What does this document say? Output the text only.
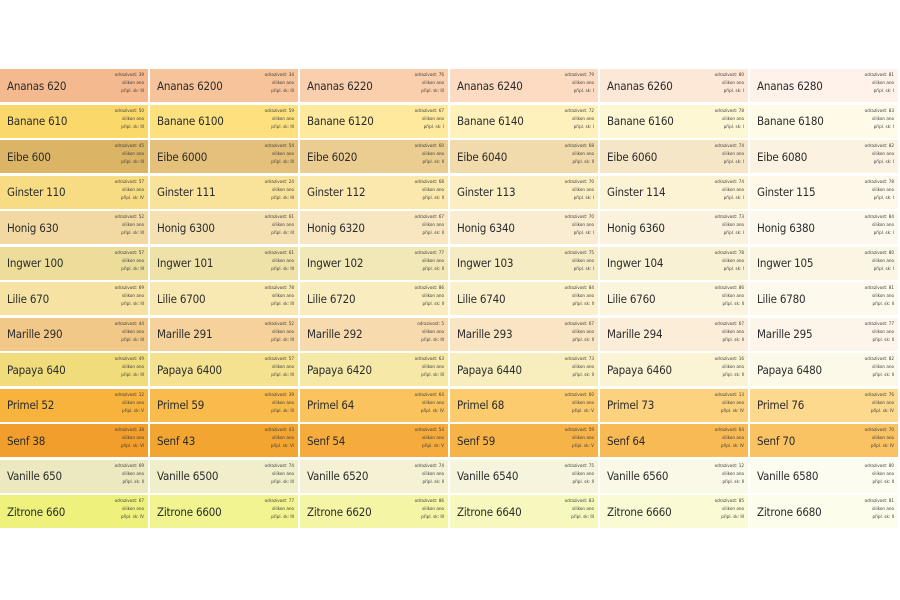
Ananas 620
odrazivost: 39
silikon ano
připl. sk: III Ananas 6200
odrazivost: 34
silikon ano
připl. sk: III Ananas 6220
odrazivost: 76
silikon ano
připl. sk: III Ananas 6240
odrazivost: 79
silikon ano
připl. sk: I Ananas 6260
odrazivost: 80
silikon ano
připl. sk: I Ananas 6280
odrazivost: 81
silikon ano
připl. sk: I
Banane 610
odrazivost: 50
silikon ano
připl. sk: III Banane 6100
odrazivost: 59
silikon ano
připl. sk: III Banane 6120
odrazivost: 67
silikon ano
připl. sk: I Banane 6140
odrazivost: 72
silikon ano
připl. sk: I Banane 6160
odrazivost: 78
silikon ano
připl. sk: I Banane 6180
odrazivost: 83
silikon ano
připl. sk: I
Eibe 600
odrazivost: 45
silikon ano
připl. sk: III Eibe 6000
odrazivost: 54
silikon ano
připl. sk: III Eibe 6020
odrazivost: 60
silikon ano
připl. sk: II Eibe 6040
odrazivost: 68
silikon ano
připl. sk: II Eibe 6060
odrazivost: 74
silikon ano
připl. sk: I Eibe 6080
odrazivost: 82
silikon ano
připl. sk: I
Ginster 110
odrazivost: 57
silikon ano
připl. sk: IV Ginster 111
odrazivost: 24
silikon ano
připl. sk: III Ginster 112
odrazivost: 68
silikon ano
připl. sk: II Ginster 113
odrazivost: 70
silikon ano
připl. sk: I Ginster 114
odrazivost: 74
silikon ano
připl. sk: I Ginster 115
odrazivost: 78
silikon ano
připl. sk: I
Honig 630
odrazivost: 52
silikon ano
připl. sk: III Honig 6300
odrazivost: 61
silikon ano
připl. sk: III Honig 6320
odrazivost: 67
silikon ano
připl. sk: II Honig 6340
odrazivost: 70
silikon ano
připl. sk: I Honig 6360
odrazivost: 73
silikon ano
připl. sk: I Honig 6380
odrazivost: 84
silikon ano
připl. sk: I
Ingwer 100
odrazivost: 57
silikon ano
připl. sk: III Ingwer 101
odrazivost: 61
silikon ano
připl. sk: III Ingwer 102
odrazivost: 77
silikon ano
připl. sk: II Ingwer 103
odrazivost: 75
silikon ano
připl. sk: I Ingwer 104
odrazivost: 78
silikon ano
připl. sk: I Ingwer 105
odrazivost: 80
silikon ano
připl. sk: I
Lilie 670
odrazivost: 69
silikon ano
připl. sk: III Lilie 6700
odrazivost: 78
silikon ano
připl. sk: III Lilie 6720
odrazivost: 86
silikon ano
připl. sk: II Lilie 6740
odrazivost: 84
silikon ano
připl. sk: II Lilie 6760
odrazivost: 86
silikon ano
připl. sk: II Lilie 6780
odrazivost: 81
silikon ano
připl. sk: II
Marille 290
odrazivost: 44
silikon ano
připl. sk: III Marille 291
odrazivost: 52
silikon ano
připl. sk: III Marille 292
odrazivost: 5
silikon ano
připl. sk: III Marille 293
odrazivost: 67
silikon ano
připl. sk: II Marille 294
odrazivost: 67
silikon ano
připl. sk: II Marille 295
odrazivost: 77
silikon ano
připl. sk: II
Papaya 640
odrazivost: 49
silikon ano
připl. sk: III Papaya 6400
odrazivost: 57
silikon ano
připl. sk: III Papaya 6420
odrazivost: 63
silikon ano
připl. sk: III Papaya 6440
odrazivost: 73
silikon ano
připl. sk: II Papaya 6460
odrazivost: 16
silikon ano
připl. sk: II Papaya 6480
odrazivost: 82
silikon ano
připl. sk: II
Primel 52
odrazivost: 12
silikon ano
připl. sk: V Primel 59
odrazivost: 39
silikon ano
připl. sk: III Primel 64
odrazivost: 64
silikon ano
připl. sk: IV Primel 68
odrazivost: 60
silikon ano
připl. sk: V Primel 73
odrazivost: 13
silikon ano
připl. sk: IV Primel 76
odrazivost: 76
silikon ano
připl. sk: IV
Senf 38
odrazivost: 38
silikon ano
připl. sk: VI Senf 43
odrazivost: 43
silikon ano
připl. sk: VI Senf 54
odrazivost: 54
silikon ano
připl. sk: V Senf 59
odrazivost: 59
silikon ano
připl. sk: V Senf 64
odrazivost: 64
silikon ano
připl. sk: IV Senf 70
odrazivost: 70
silikon ano
připl. sk: IV
Vanille 650
odrazivost: 69
silikon ano
připl. sk: II Vanille 6500
odrazivost: 74
silikon ano
připl. sk: III Vanille 6520
odrazivost: 74
silikon ano
připl. sk: II Vanille 6540
odrazivost: 75
silikon ano
připl. sk: II Vanille 6560
odrazivost: 12
silikon ano
připl. sk: II Vanille 6580
odrazivost: 80
silikon ano
připl. sk: II
Zitrone 660
odrazivost: 67
silikon ano
připl. sk: IV Zitrone 6600
odrazivost: 77
silikon ano
připl. sk: III Zitrone 6620
odrazivost: 86
silikon ano
připl. sk: III Zitrone 6640
odrazivost: 83
silikon ano
připl. sk: III Zitrone 6660
odrazivost: 85
silikon ano
připl. sk: III Zitrone 6680
odrazivost: 81
silikon ano
připl. sk: II
